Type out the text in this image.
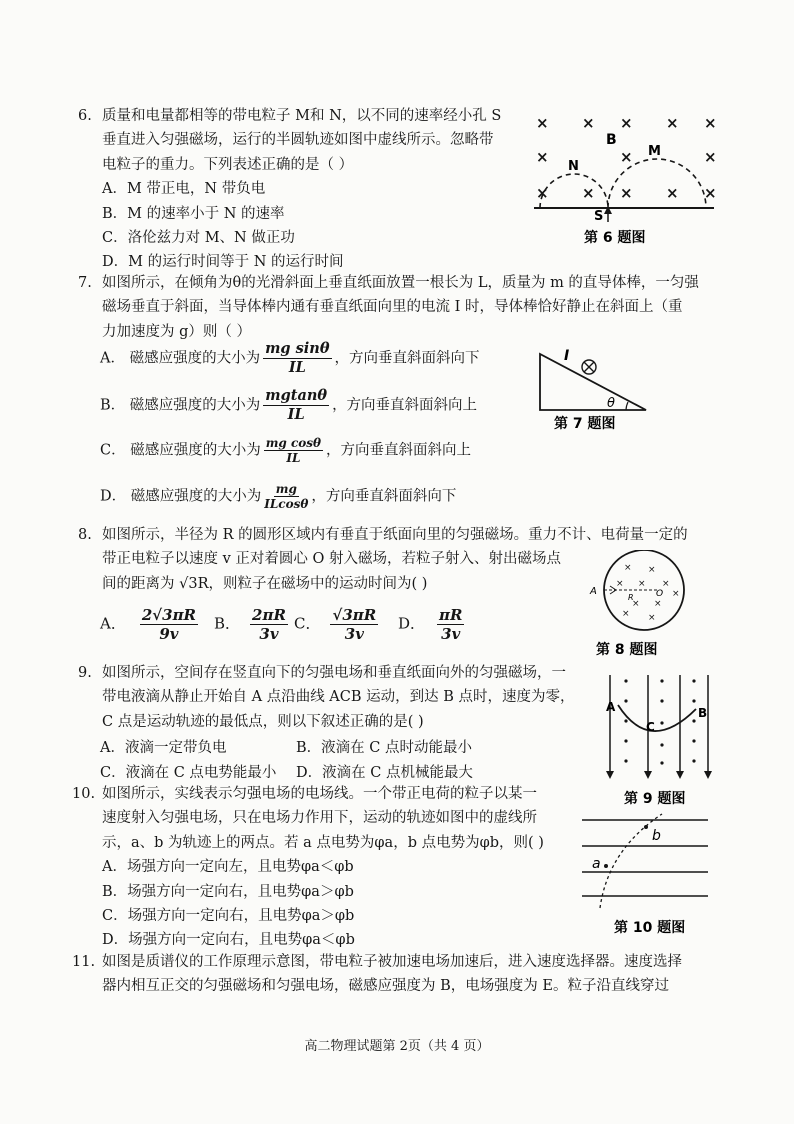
6. 质量和电量都相等的带电粒子 M和 N，以不同的速率经小孔 S
垂直进入匀强磁场，运行的半圆轨迹如图中虚线所示。忽略带
电粒子的重力。下列表述正确的是（ ）
A．M 带正电，N 带负电
B．M 的速率小于 N 的速率
C．洛伦兹力对 M、N 做正功
D．M 的运行时间等于 N 的运行时间
× × × × ×
×	×	×
× × × × ×
B
N
M
S
第 6 题图
7. 如图所示，在倾角为θ的光滑斜面上垂直纸面放置一根长为 L，质量为 m 的直导体棒，一匀强
磁场垂直于斜面，当导体棒内通有垂直纸面向里的电流 I 时，导体棒恰好静止在斜面上（重
力加速度为 g）则（ ）
A． 磁感应强度的大小为 $\frac{\text{mg sinθ}}{IL}$ ，方向垂直斜面斜向下
B． 磁感应强度的大小为 $\frac{mgtan\theta}{IL}$ ，方向垂直斜面斜向上
C． 磁感应强度的大小为 $\frac{\text{mg cosθ}}{IL}$ ，方向垂直斜面斜向上
D． 磁感应强度的大小为 $\frac{mg}{ILcos\theta}$ ，方向垂直斜面斜向下
I
θ
第 7 题图
8. 如图所示，半径为 R 的圆形区域内有垂直于纸面向里的匀强磁场。重力不计、电荷量一定的
带正电粒子以速度 v 正对着圆心 O 射入磁场，若粒子射入、射出磁场点
间的距离为 √3R，则粒子在磁场中的运动时间为( )
A． $\frac{2√3\pi R}{9v}$ B． $\frac{2\pi R}{3v}$ C． $\frac{√3\pi R}{3v}$ D． $\frac{\pi R}{3v}$
× ×
× × ×
× ×
×
× ×
A	O
R
第 8 题图
9. 如图所示，空间存在竖直向下的匀强电场和垂直纸面向外的匀强磁场，一
带电液滴从静止开始自 A 点沿曲线 ACB 运动，到达 B 点时，速度为零，
C 点是运动轨迹的最低点，则以下叙述正确的是( )
A．液滴一定带负电	B．液滴在 C 点时动能最小
C．液滴在 C 点电势能最小 D．液滴在 C 点机械能最大
A
C
B
第 9 题图
10. 如图所示，实线表示匀强电场的电场线。一个带正电荷的粒子以某一
速度射入匀强电场，只在电场力作用下，运动的轨迹如图中的虚线所
示，a、b 为轨迹上的两点。若 a 点电势为φa，b 点电势为φb，则( )
A．场强方向一定向左，且电势φa＜φb
B．场强方向一定向右，且电势φa＞φb
C．场强方向一定向右，且电势φa＞φb
D．场强方向一定向右，且电势φa＜φb
a
b
第 10 题图
11. 如图是质谱仪的工作原理示意图，带电粒子被加速电场加速后，进入速度选择器。速度选择
器内相互正交的匀强磁场和匀强电场，磁感应强度为 B，电场强度为 E。粒子沿直线穿过
高二物理试题第 2页（共 4 页）
